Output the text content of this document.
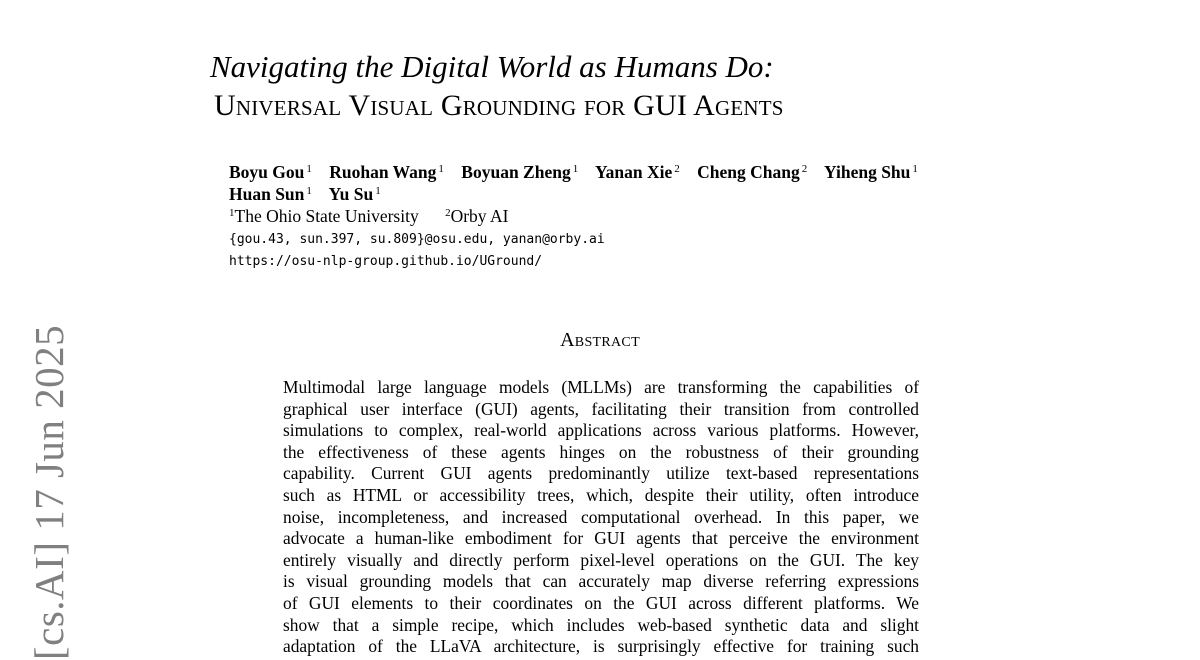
[cs.AI] 17 Jun 2025
Navigating the Digital World as Humans Do:
Universal Visual Grounding for GUI Agents
Boyu Gou $^1$ Ruohan Wang $^1$ Boyuan Zheng $^1$ Yanan Xie $^2$ Cheng Chang $^2$ Yiheng Shu $^1$
Huan Sun $^1$ Yu Su $^1$
$^1$The Ohio State University $^2$Orby AI
{gou.43, sun.397, su.809}@osu.edu, yanan@orby.ai
https://osu-nlp-group.github.io/UGround/
Abstract
Multimodal large language models (MLLMs) are transforming the capabilities of
graphical user interface (GUI) agents, facilitating their transition from controlled
simulations to complex, real-world applications across various platforms. However,
the effectiveness of these agents hinges on the robustness of their grounding
capability. Current GUI agents predominantly utilize text-based representations
such as HTML or accessibility trees, which, despite their utility, often introduce
noise, incompleteness, and increased computational overhead. In this paper, we
advocate a human-like embodiment for GUI agents that perceive the environment
entirely visually and directly perform pixel-level operations on the GUI. The key
is visual grounding models that can accurately map diverse referring expressions
of GUI elements to their coordinates on the GUI across different platforms. We
show that a simple recipe, which includes web-based synthetic data and slight
adaptation of the LLaVA architecture, is surprisingly effective for training such
